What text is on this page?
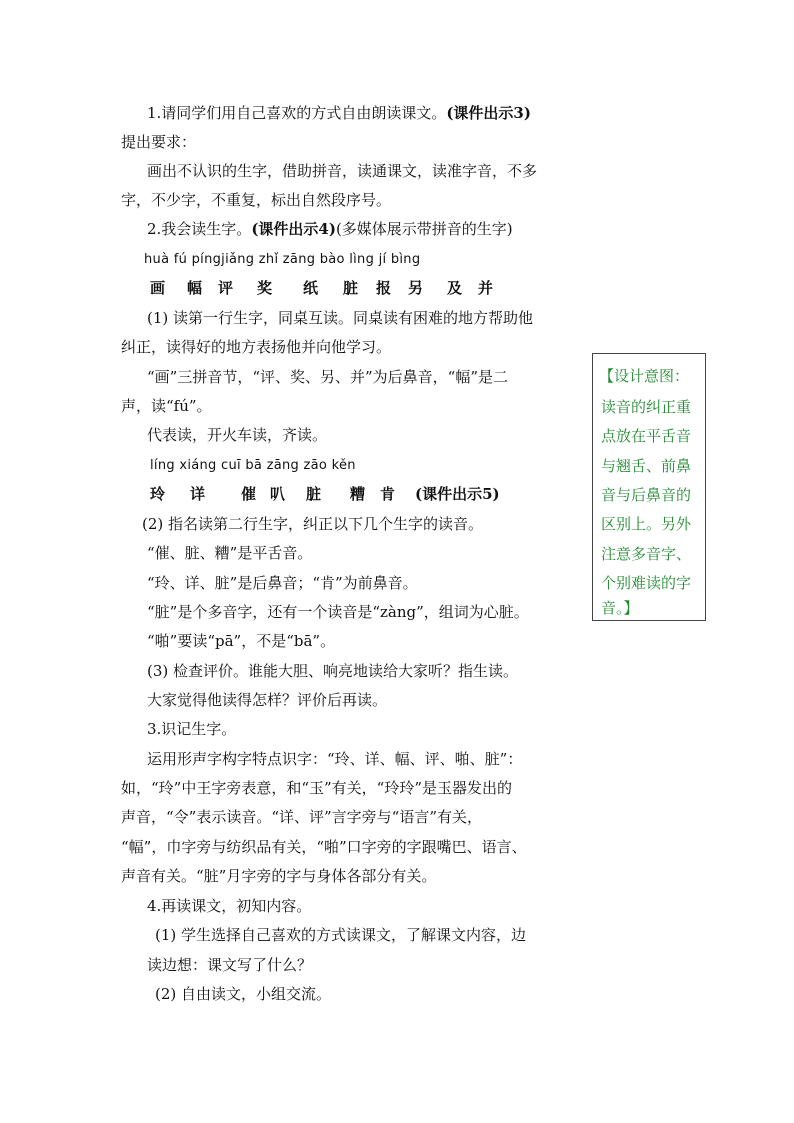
1.请同学们用自己喜欢的方式自由朗读课文。(课件出示3)
提出要求：
画出不认识的生字，借助拼音，读通课文，读准字音，不多
字，不少字，不重复，标出自然段序号。
2.我会读生字。(课件出示4)(多媒体展示带拼音的生字)
huà fú píngjiǎng zhǐ zāng bào lìng jí bìng
画 幅 评 奖 纸 脏 报 另 及 并
(1) 读第一行生字，同桌互读。同桌读有困难的地方帮助他
纠正，读得好的地方表扬他并向他学习。
“画”三拼音节，“评、奖、另、并”为后鼻音，“幅”是二
声，读“fú”。
代表读，开火车读，齐读。
líng xiáng cuī bā zāng zāo kěn
玲 详 催 叭 脏 糟 肯 (课件出示5)
(2) 指名读第二行生字，纠正以下几个生字的读音。
“催、脏、糟”是平舌音。
“玲、详、脏”是后鼻音；“肯”为前鼻音。
“脏”是个多音字，还有一个读音是“zàng”，组词为心脏。
“啪”要读“pā”，不是“bā”。
(3) 检查评价。谁能大胆、响亮地读给大家听？指生读。
大家觉得他读得怎样？评价后再读。
3.识记生字。
运用形声字构字特点识字：“玲、详、幅、评、啪、脏”：
如，“玲”中王字旁表意，和“玉”有关，“玲玲”是玉器发出的
声音，“令”表示读音。“详、评”言字旁与“语言”有关，
“幅”，巾字旁与纺织品有关，“啪”口字旁的字跟嘴巴、语言、
声音有关。“脏”月字旁的字与身体各部分有关。
4.再读课文，初知内容。
(1) 学生选择自己喜欢的方式读课文，了解课文内容，边
读边想：课文写了什么？
(2) 自由读文，小组交流。
【设计意图：
读音的纠正重
点放在平舌音
与翘舌、前鼻
音与后鼻音的
区别上。另外
注意多音字、
个别难读的字
音。】
